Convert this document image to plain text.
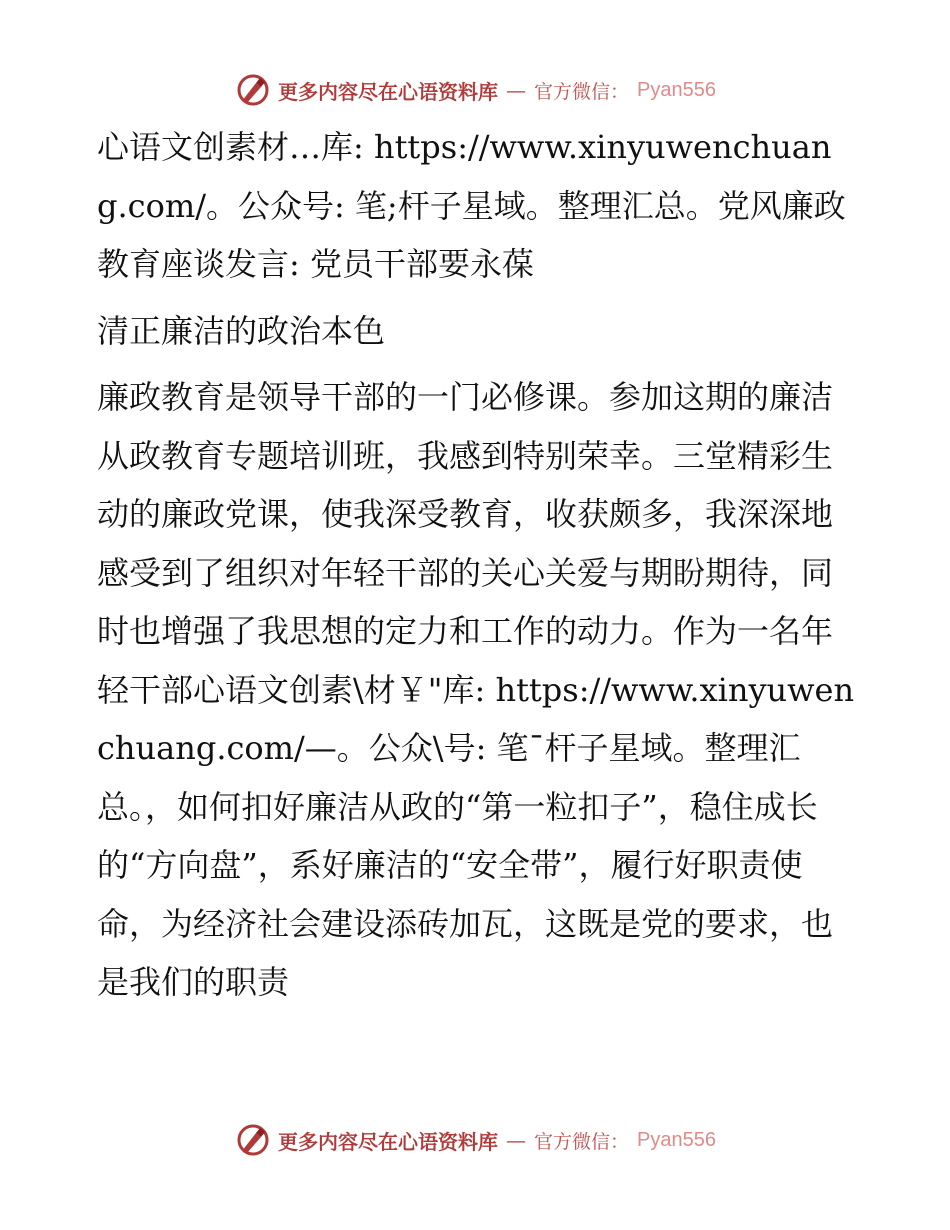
更多内容尽在心语资料库 — 官方微信： Pyan556

心语文创素材…库: https://www.xinyuwenchuang.com/。公众号: 笔;杆子星域。整理汇总。党风廉政教育座谈发言: 党员干部要永葆

清正廉洁的政治本色

廉政教育是领导干部的一门必修课。参加这期的廉洁从政教育专题培训班，我感到特别荣幸。三堂精彩生动的廉政党课，使我深受教育，收获颇多，我深深地感受到了组织对年轻干部的关心关爱与期盼期待，同时也增强了我思想的定力和工作的动力。作为一名年轻干部心语文创素\材￥"库: https://www.xinyuwenchuang.com/—。公众\号: 笔¯杆子星域。整理汇总。，如何扣好廉洁从政的“第一粒扣子”，稳住成长的“方向盘”，系好廉洁的“安全带”，履行好职责使命，为经济社会建设添砖加瓦，这既是党的要求，也是我们的职责

更多内容尽在心语资料库 — 官方微信： Pyan556
